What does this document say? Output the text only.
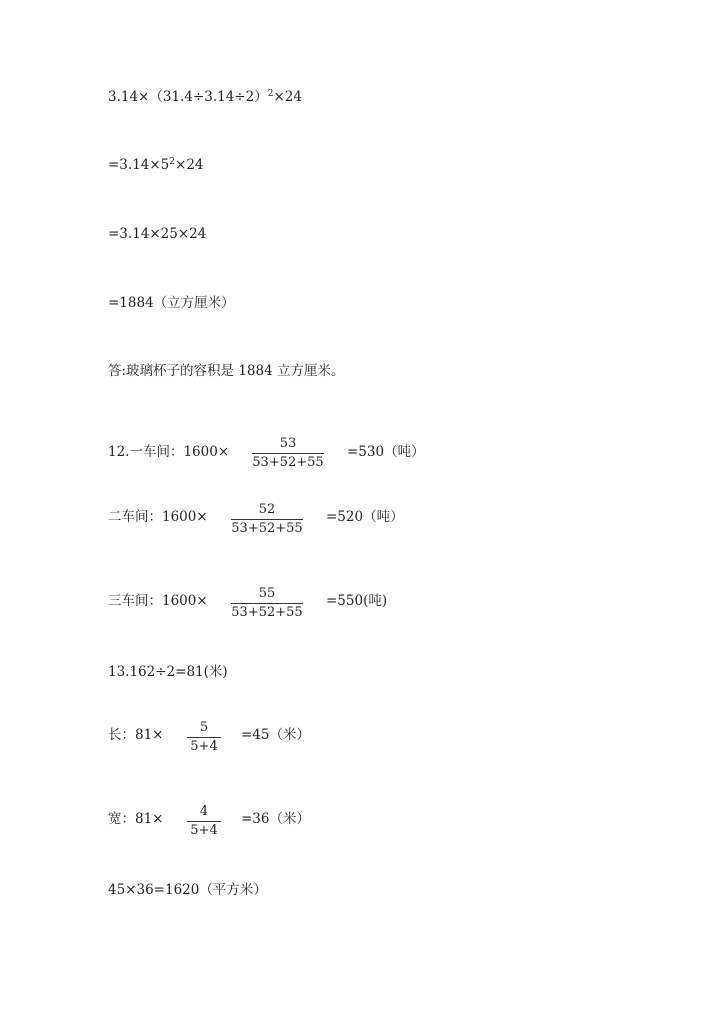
$3.14\times(31.4\div 3.14\div 2)^2\times 24$
$=3.14\times 5^2\times 24$
=3.14×25×24
=1884（立方厘米）
答:玻璃杯子的容积是 1884 立方厘米。
12.一车间：1600×
53
53+52+55
=530（吨）
二车间：1600×	52
53+52+55
=520（吨）
三车间：1600×	55
53+52+55
=550(吨)
13.162÷2=81(米)
长：81×	5
5+4
=45（米）
宽：81×	4
5+4
=36（米）
45×36=1620（平方米）
